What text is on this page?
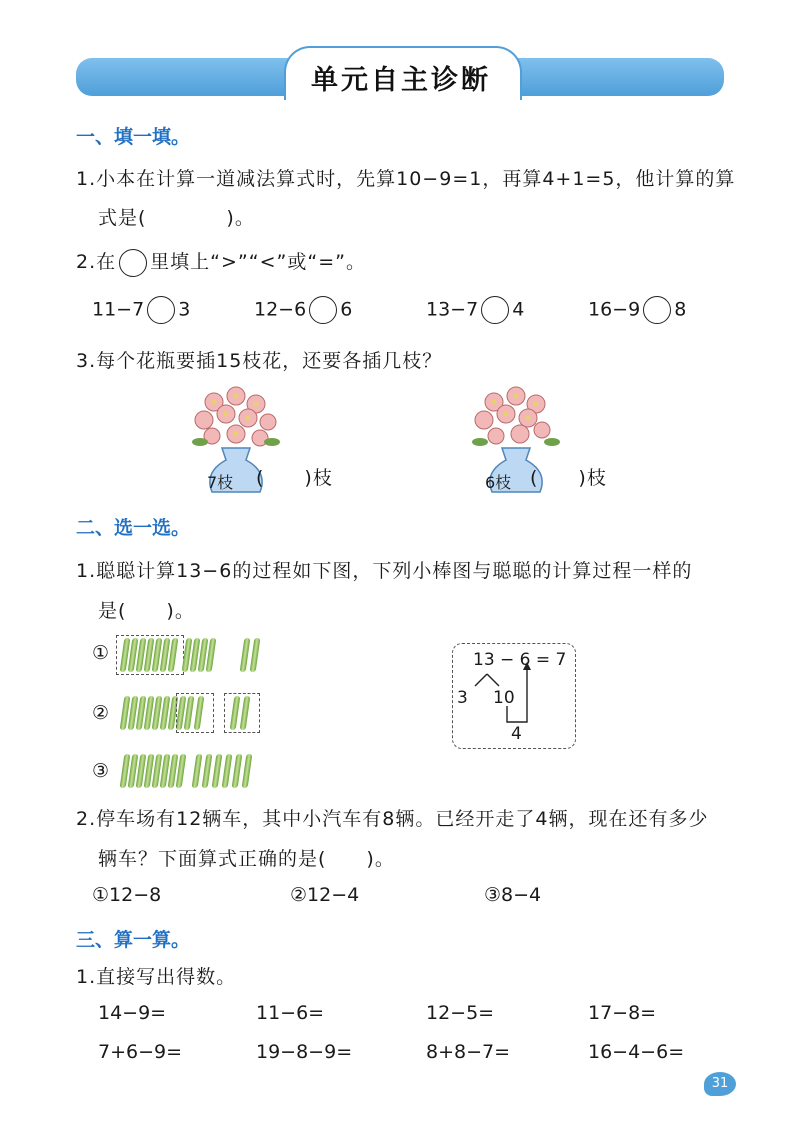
单元自主诊断
一、填一填。
1.小本在计算一道减法算式时，先算10−9=1，再算4+1=5，他计算的算
式是(　　　　)。
2.在 里填上“>”“<”或“=”。
11−7 3	12−6 6	13−7 4	16−9 8
3.每个花瓶要插15枝花，还要各插几枝？
7枝 (　　)枝	6枝 (　　)枝
二、选一选。
1.聪聪计算13−6的过程如下图，下列小棒图与聪聪的计算过程一样的
是(　　)。
①
②
③
13 − 6 = 7
3 10
4
2.停车场有12辆车，其中小汽车有8辆。已经开走了4辆，现在还有多少
辆车？下面算式正确的是(　　)。
①12−8	②12−4	③8−4
三、算一算。
1.直接写出得数。
14−9=	11−6=	12−5=	17−8=
7+6−9=	19−8−9=	8+8−7=	16−4−6=
31
